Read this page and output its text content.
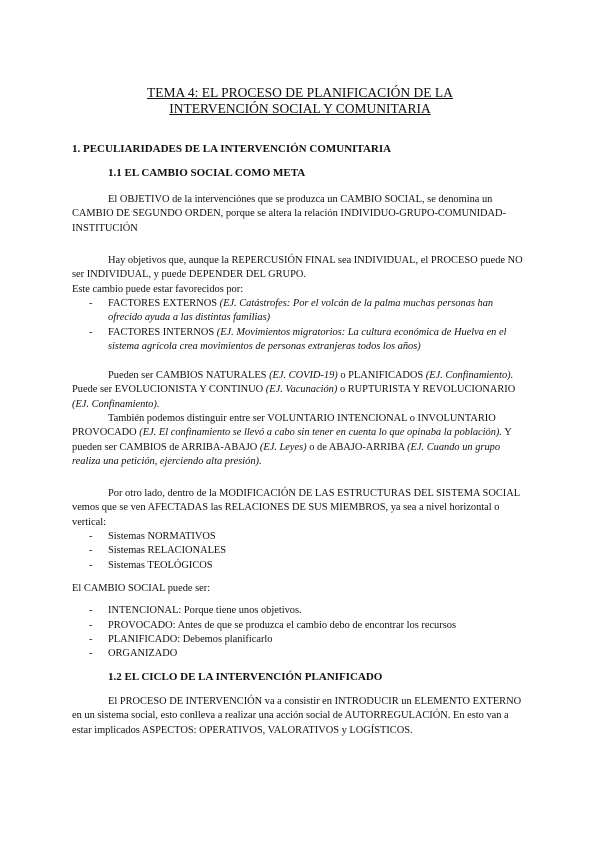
TEMA 4: EL PROCESO DE PLANIFICACIÓN DE LA
INTERVENCIÓN SOCIAL Y COMUNITARIA
1. PECULIARIDADES DE LA INTERVENCIÓN COMUNITARIA
1.1 EL CAMBIO SOCIAL COMO META

El OBJETIVO de la intervenciónes que se produzca un CAMBIO SOCIAL, se denomina un CAMBIO DE SEGUNDO ORDEN, porque se altera la relación INDIVIDUO-GRUPO-COMUNIDAD-INSTITUCIÓN

Hay objetivos que, aunque la REPERCUSIÓN FINAL sea INDIVIDUAL, el PROCESO puede NO ser INDIVIDUAL, y puede DEPENDER DEL GRUPO.

Este cambio puede estar favorecidos por:

- FACTORES EXTERNOS (EJ. Catástrofes: Por el volcán de la palma muchas personas han ofrecido ayuda a las distintas familias)
- FACTORES INTERNOS (EJ. Movimientos migratorios: La cultura económica de Huelva en el sistema agrícola crea movimientos de personas extranjeras todos los años)

Pueden ser CAMBIOS NATURALES (EJ. COVID-19) o PLANIFICADOS (EJ. Confinamiento). Puede ser EVOLUCIONISTA Y CONTINUO (EJ. Vacunación) o RUPTURISTA Y REVOLUCIONARIO (EJ. Confinamiento).

También podemos distinguir entre ser VOLUNTARIO INTENCIONAL o INVOLUNTARIO PROVOCADO (EJ. El confinamiento se llevó a cabo sin tener en cuenta lo que opinaba la población). Y pueden ser CAMBIOS de ARRIBA-ABAJO (EJ. Leyes) o de ABAJO-ARRIBA (EJ. Cuando un grupo realiza una petición, ejerciendo alta presión).

Por otro lado, dentro de la MODIFICACIÓN DE LAS ESTRUCTURAS DEL SISTEMA SOCIAL vemos que se ven AFECTADAS las RELACIONES DE SUS MIEMBROS, ya sea a nivel horizontal o vertical:

- Sistemas NORMATIVOS
- Sistemas RELACIONALES
- Sistemas TEOLÓGICOS

El CAMBIO SOCIAL puede ser:

- INTENCIONAL: Porque tiene unos objetivos.
- PROVOCADO: Antes de que se produzca el cambio debo de encontrar los recursos
- PLANIFICADO: Debemos planificarlo
- ORGANIZADO
1.2 EL CICLO DE LA INTERVENCIÓN PLANIFICADO

El PROCESO DE INTERVENCIÓN va a consistir en INTRODUCIR un ELEMENTO EXTERNO en un sistema social, esto conlleva a realizar una acción social de AUTORREGULACIÓN. En esto van a estar implicados ASPECTOS: OPERATIVOS, VALORATIVOS y LOGÍSTICOS.
